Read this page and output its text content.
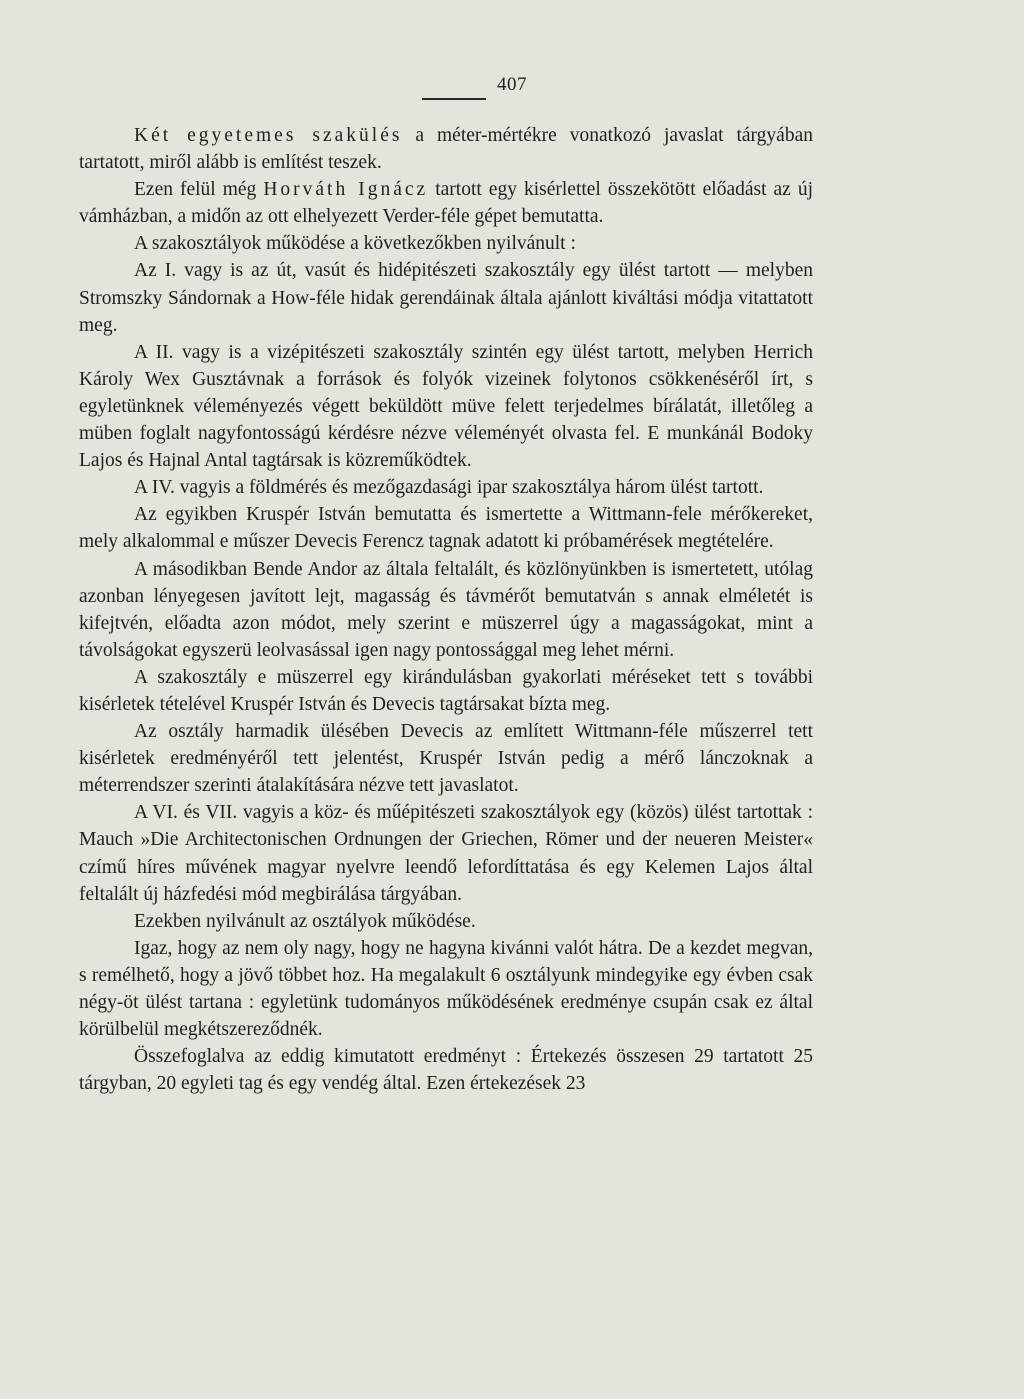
407

Két egyetemes szakülés a méter-mértékre vonatkozó javaslat tárgyában tartatott, miről alább is említést teszek.

Ezen felül még Horváth Ignácz tartott egy kisérlettel összekötött előadást az új vámházban, a midőn az ott elhelyezett Verder-féle gépet bemutatta.

A szakosztályok működése a következőkben nyilvánult :

Az I. vagy is az út, vasút és hidépitészeti szakosztály egy ülést tartott — melyben Stromszky Sándornak a How-féle hidak gerendáinak általa ajánlott kiváltási módja vitattatott meg.

A II. vagy is a vizépitészeti szakosztály szintén egy ülést tartott, melyben Herrich Károly Wex Gusztávnak a források és folyók vizeinek folytonos csökkenéséről írt, s egyletünknek véleményezés végett beküldött müve felett terjedelmes bírálatát, illetőleg a müben foglalt nagyfontosságú kérdésre nézve véleményét olvasta fel. E munkánál Bodoky Lajos és Hajnal Antal tagtársak is közreműködtek.

A IV. vagyis a földmérés és mezőgazdasági ipar szakosztálya három ülést tartott.

Az egyikben Kruspér István bemutatta és ismertette a Wittmann-fele mérőkereket, mely alkalommal e műszer Devecis Ferencz tagnak adatott ki próbamérések megtételére.

A másodikban Bende Andor az általa feltalált, és közlönyünkben is ismertetett, utólag azonban lényegesen javított lejt, magasság és távmérőt bemutatván s annak elméletét is kifejtvén, előadta azon módot, mely szerint e müszerrel úgy a magasságokat, mint a távolságokat egyszerü leolvasással igen nagy pontossággal meg lehet mérni.

A szakosztály e müszerrel egy kirándulásban gyakorlati méréseket tett s további kisérletek tételével Kruspér István és Devecis tagtársakat bízta meg.

Az osztály harmadik ülésében Devecis az említett Wittmann-féle műszerrel tett kisérletek eredményéről tett jelentést, Kruspér István pedig a mérő lánczoknak a méterrendszer szerinti átalakítására nézve tett javaslatot.

A VI. és VII. vagyis a köz- és műépitészeti szakosztályok egy (közös) ülést tartottak : Mauch »Die Architectonischen Ordnungen der Griechen, Römer und der neueren Meister« czímű híres művének magyar nyelvre leendő lefordíttatása és egy Kelemen Lajos által feltalált új házfedési mód megbirálása tárgyában.

Ezekben nyilvánult az osztályok működése.

Igaz, hogy az nem oly nagy, hogy ne hagyna kivánni valót hátra. De a kezdet megvan, s remélhető, hogy a jövő többet hoz. Ha megalakult 6 osztályunk mindegyike egy évben csak négy-öt ülést tartana : egyletünk tudományos működésének eredménye csupán csak ez által körülbelül megkétszereződnék.

Összefoglalva az eddig kimutatott eredményt : Értekezés összesen 29 tartatott 25 tárgyban, 20 egyleti tag és egy vendég által. Ezen értekezések 23
